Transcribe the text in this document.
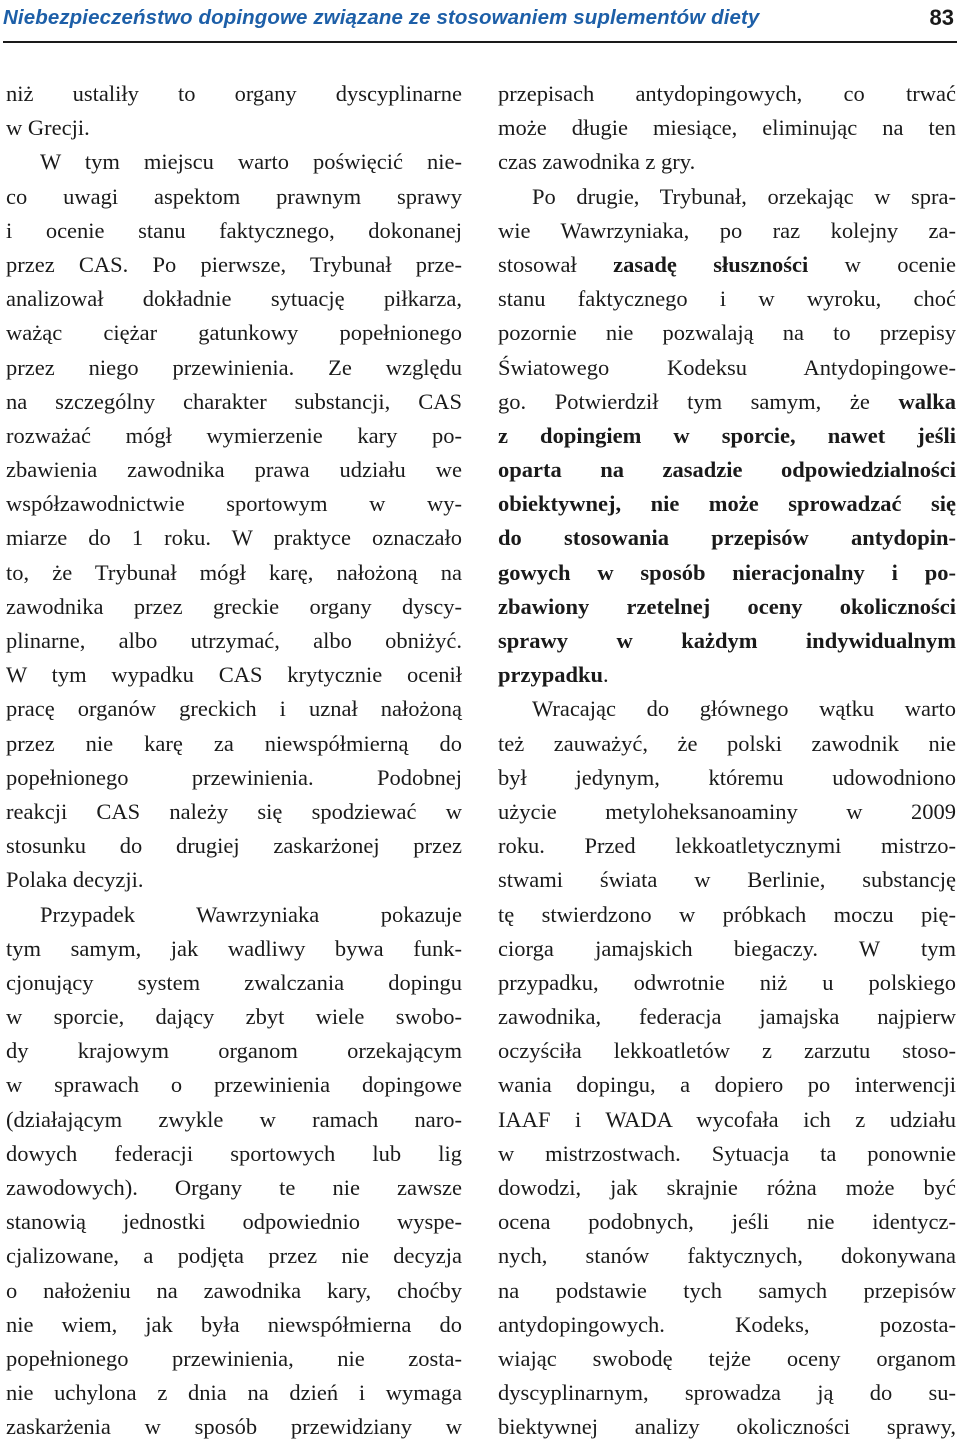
Niebezpieczeństwo dopingowe związane ze stosowaniem suplementów diety	83
niż ustaliły to organy dyscyplinarne
w Grecji.
W tym miejscu warto poświęcić nie-
co uwagi aspektom prawnym sprawy
i ocenie stanu faktycznego, dokonanej
przez CAS. Po pierwsze, Trybunał prze-
analizował dokładnie sytuację piłkarza,
ważąc ciężar gatunkowy popełnionego
przez niego przewinienia. Ze względu
na szczególny charakter substancji, CAS
rozważać mógł wymierzenie kary po-
zbawienia zawodnika prawa udziału we
współzawodnictwie sportowym w wy-
miarze do 1 roku. W praktyce oznaczało
to, że Trybunał mógł karę, nałożoną na
zawodnika przez greckie organy dyscy-
plinarne, albo utrzymać, albo obniżyć.
W tym wypadku CAS krytycznie ocenił
pracę organów greckich i uznał nałożoną
przez nie karę za niewspółmierną do
popełnionego przewinienia. Podobnej
reakcji CAS należy się spodziewać w
stosunku do drugiej zaskarżonej przez
Polaka decyzji.
Przypadek Wawrzyniaka pokazuje
tym samym, jak wadliwy bywa funk-
cjonujący system zwalczania dopingu
w sporcie, dający zbyt wiele swobo-
dy krajowym organom orzekającym
w sprawach o przewinienia dopingowe
(działającym zwykle w ramach naro-
dowych federacji sportowych lub lig
zawodowych). Organy te nie zawsze
stanowią jednostki odpowiednio wyspe-
cjalizowane, a podjęta przez nie decyzja
o nałożeniu na zawodnika kary, choćby
nie wiem, jak była niewspółmierna do
popełnionego przewinienia, nie zosta-
nie uchylona z dnia na dzień i wymaga
zaskarżenia w sposób przewidziany w
przepisach antydopingowych, co trwać
może długie miesiące, eliminując na ten
czas zawodnika z gry.
Po drugie, Trybunał, orzekając w spra-
wie Wawrzyniaka, po raz kolejny za-
stosował zasadę słuszności w ocenie
stanu faktycznego i w wyroku, choć
pozornie nie pozwalają na to przepisy
Światowego Kodeksu Antydopingowe-
go. Potwierdził tym samym, że walka
z dopingiem w sporcie, nawet jeśli
oparta na zasadzie odpowiedzialności
obiektywnej, nie może sprowadzać się
do stosowania przepisów antydopin-
gowych w sposób nieracjonalny i po-
zbawiony rzetelnej oceny okoliczności
sprawy w każdym indywidualnym
przypadku.
Wracając do głównego wątku warto
też zauważyć, że polski zawodnik nie
był jedynym, któremu udowodniono
użycie metyloheksanoaminy w 2009
roku. Przed lekkoatletycznymi mistrzo-
stwami świata w Berlinie, substancję
tę stwierdzono w próbkach moczu pię-
ciorga jamajskich biegaczy. W tym
przypadku, odwrotnie niż u polskiego
zawodnika, federacja jamajska najpierw
oczyściła lekkoatletów z zarzutu stoso-
wania dopingu, a dopiero po interwencji
IAAF i WADA wycofała ich z udziału
w mistrzostwach. Sytuacja ta ponownie
dowodzi, jak skrajnie różna może być
ocena podobnych, jeśli nie identycz-
nych, stanów faktycznych, dokonywana
na podstawie tych samych przepisów
antydopingowych. Kodeks, pozosta-
wiając swobodę tejże oceny organom
dyscyplinarnym, sprowadza ją do su-
biektywnej analizy okoliczności sprawy,
